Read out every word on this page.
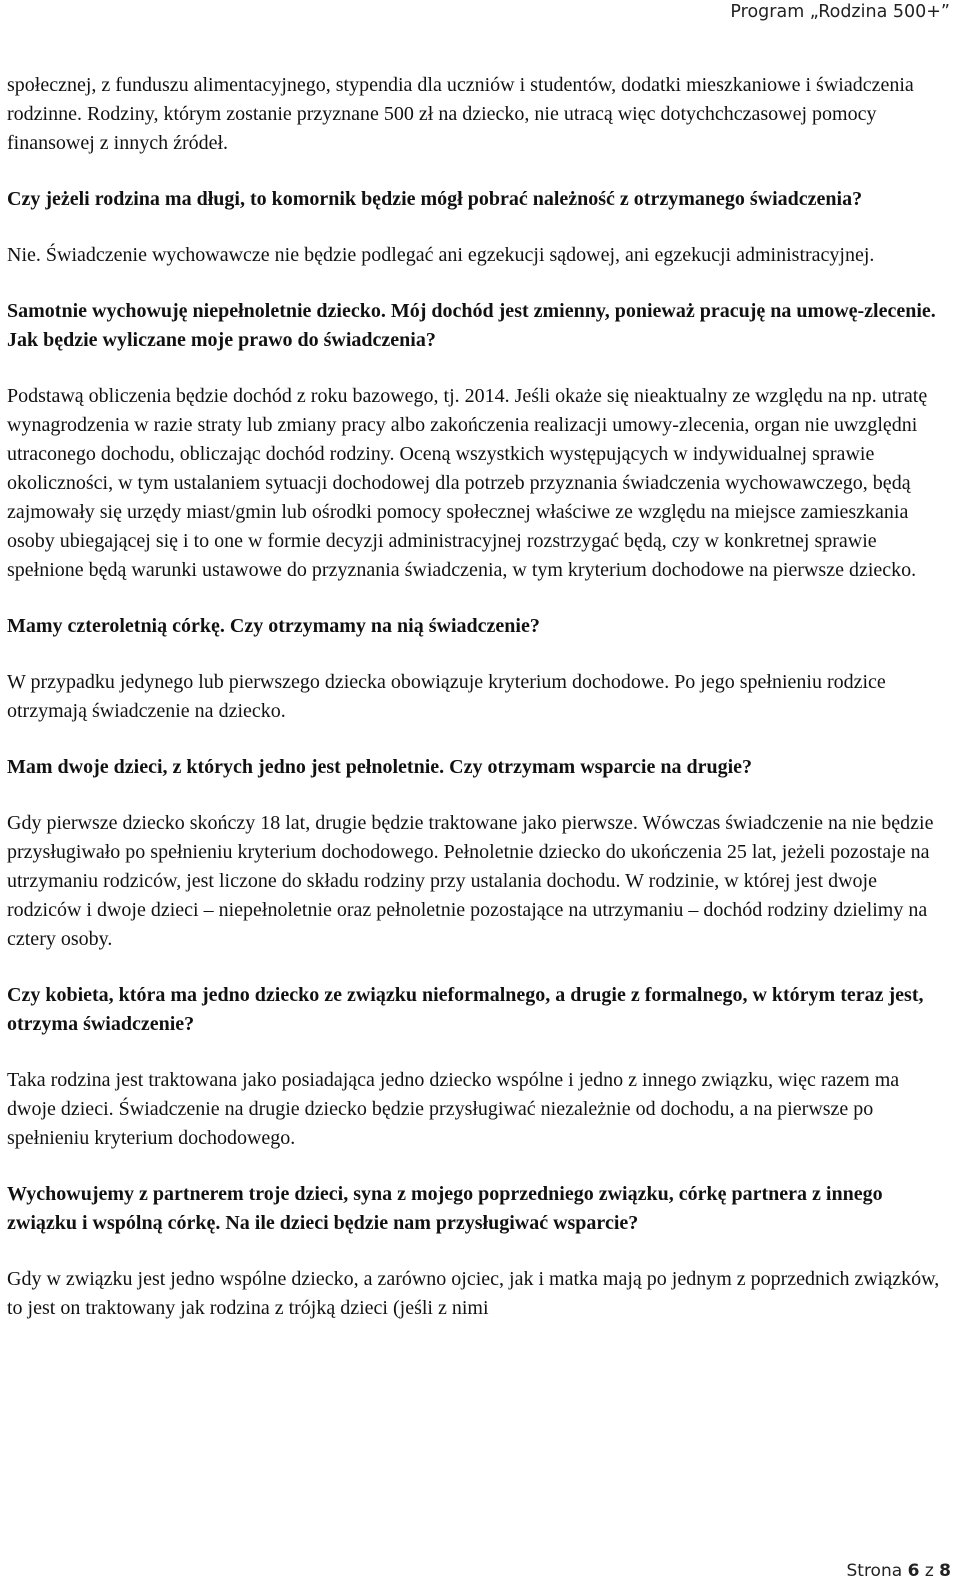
Program „Rodzina 500+”

społecznej, z funduszu alimentacyjnego, stypendia dla uczniów i studentów, dodatki mieszkaniowe i świadczenia rodzinne. Rodziny, którym zostanie przyznane 500 zł na dziecko, nie utracą więc dotychchczasowej pomocy finansowej z innych źródeł.

Czy jeżeli rodzina ma długi, to komornik będzie mógł pobrać należność z otrzymanego świadczenia?

Nie. Świadczenie wychowawcze nie będzie podlegać ani egzekucji sądowej, ani egzekucji administracyjnej.

Samotnie wychowuję niepełnoletnie dziecko. Mój dochód jest zmienny, ponieważ pracuję na umowę-zlecenie. Jak będzie wyliczane moje prawo do świadczenia?

Podstawą obliczenia będzie dochód z roku bazowego, tj. 2014. Jeśli okaże się nieaktualny ze względu na np. utratę wynagrodzenia w razie straty lub zmiany pracy albo zakończenia realizacji umowy-zlecenia, organ nie uwzględni utraconego dochodu, obliczając dochód rodziny. Oceną wszystkich występujących w indywidualnej sprawie okoliczności, w tym ustalaniem sytuacji dochodowej dla potrzeb przyznania świadczenia wychowawczego, będą zajmowały się urzędy miast/gmin lub ośrodki pomocy społecznej właściwe ze względu na miejsce zamieszkania osoby ubiegającej się i to one w formie decyzji administracyjnej rozstrzygać będą, czy w konkretnej sprawie spełnione będą warunki ustawowe do przyznania świadczenia, w tym kryterium dochodowe na pierwsze dziecko.

Mamy czteroletnią córkę. Czy otrzymamy na nią świadczenie?

W przypadku jedynego lub pierwszego dziecka obowiązuje kryterium dochodowe. Po jego spełnieniu rodzice otrzymają świadczenie na dziecko.

Mam dwoje dzieci, z których jedno jest pełnoletnie. Czy otrzymam wsparcie na drugie?

Gdy pierwsze dziecko skończy 18 lat, drugie będzie traktowane jako pierwsze. Wówczas świadczenie na nie będzie przysługiwało po spełnieniu kryterium dochodowego. Pełnoletnie dziecko do ukończenia 25 lat, jeżeli pozostaje na utrzymaniu rodziców, jest liczone do składu rodziny przy ustalania dochodu. W rodzinie, w której jest dwoje rodziców i dwoje dzieci – niepełnoletnie oraz pełnoletnie pozostające na utrzymaniu – dochód rodziny dzielimy na cztery osoby.

Czy kobieta, która ma jedno dziecko ze związku nieformalnego, a drugie z formalnego, w którym teraz jest, otrzyma świadczenie?

Taka rodzina jest traktowana jako posiadająca jedno dziecko wspólne i jedno z innego związku, więc razem ma dwoje dzieci. Świadczenie na drugie dziecko będzie przysługiwać niezależnie od dochodu, a na pierwsze po spełnieniu kryterium dochodowego.

Wychowujemy z partnerem troje dzieci, syna z mojego poprzedniego związku, córkę partnera z innego związku i wspólną córkę. Na ile dzieci będzie nam przysługiwać wsparcie?

Gdy w związku jest jedno wspólne dziecko, a zarówno ojciec, jak i matka mają po jednym z poprzednich związków, to jest on traktowany jak rodzina z trójką dzieci (jeśli z nimi

Strona 6 z 8
